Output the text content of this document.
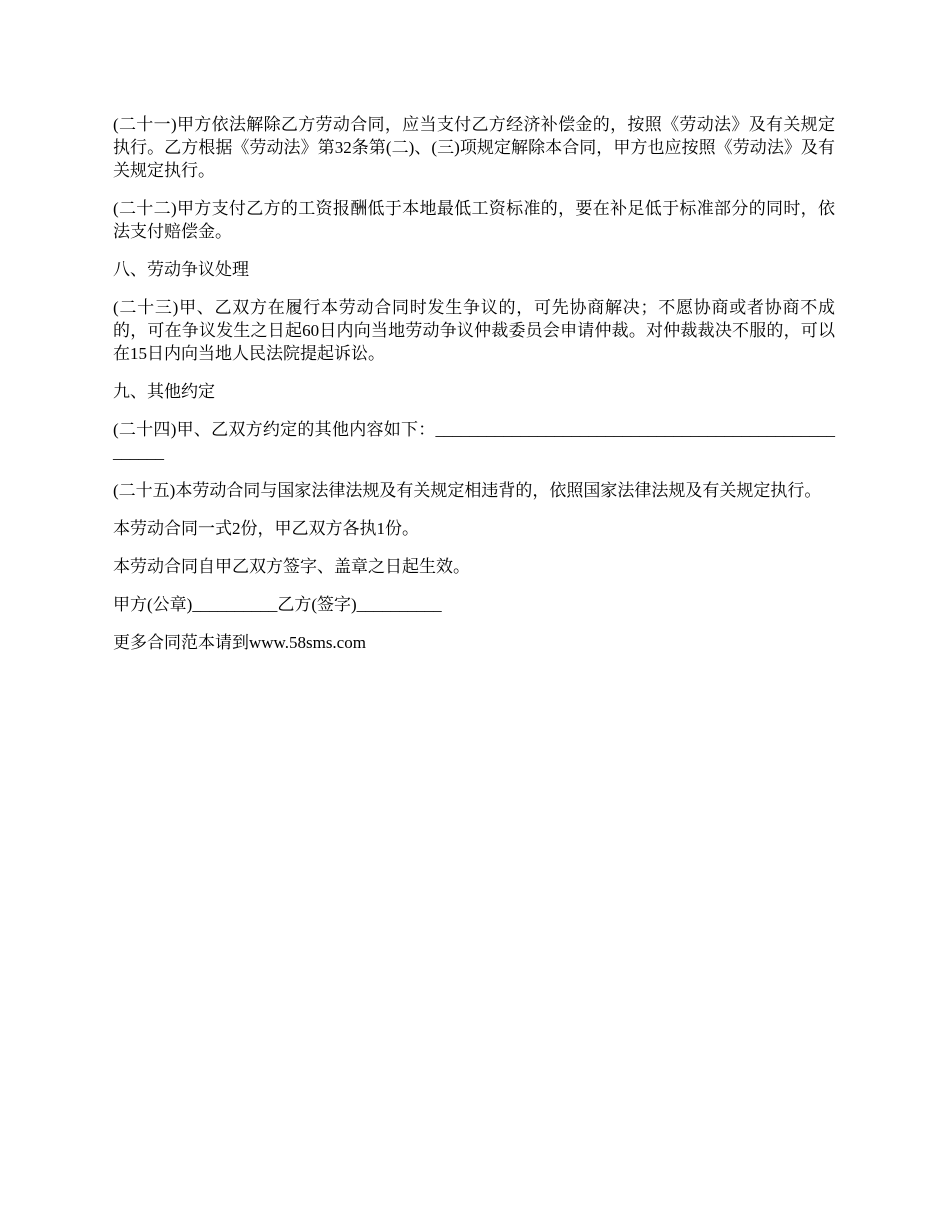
(二十一)甲方依法解除乙方劳动合同，应当支付乙方经济补偿金的，按照《劳动法》及有关规定执行。乙方根据《劳动法》第32条第(二)、(三)项规定解除本合同，甲方也应按照《劳动法》及有关规定执行。

(二十二)甲方支付乙方的工资报酬低于本地最低工资标准的，要在补足低于标准部分的同时，依法支付赔偿金。

八、劳动争议处理

(二十三)甲、乙双方在履行本劳动合同时发生争议的，可先协商解决；不愿协商或者协商不成的，可在争议发生之日起60日内向当地劳动争议仲裁委员会申请仲裁。对仲裁裁决不服的，可以在15日内向当地人民法院提起诉讼。

九、其他约定

(二十四)甲、乙双方约定的其他内容如下：_____________________________________________________

(二十五)本劳动合同与国家法律法规及有关规定相违背的，依照国家法律法规及有关规定执行。

本劳动合同一式2份，甲乙双方各执1份。

本劳动合同自甲乙双方签字、盖章之日起生效。

甲方(公章)__________乙方(签字)__________

更多合同范本请到www.58sms.com
